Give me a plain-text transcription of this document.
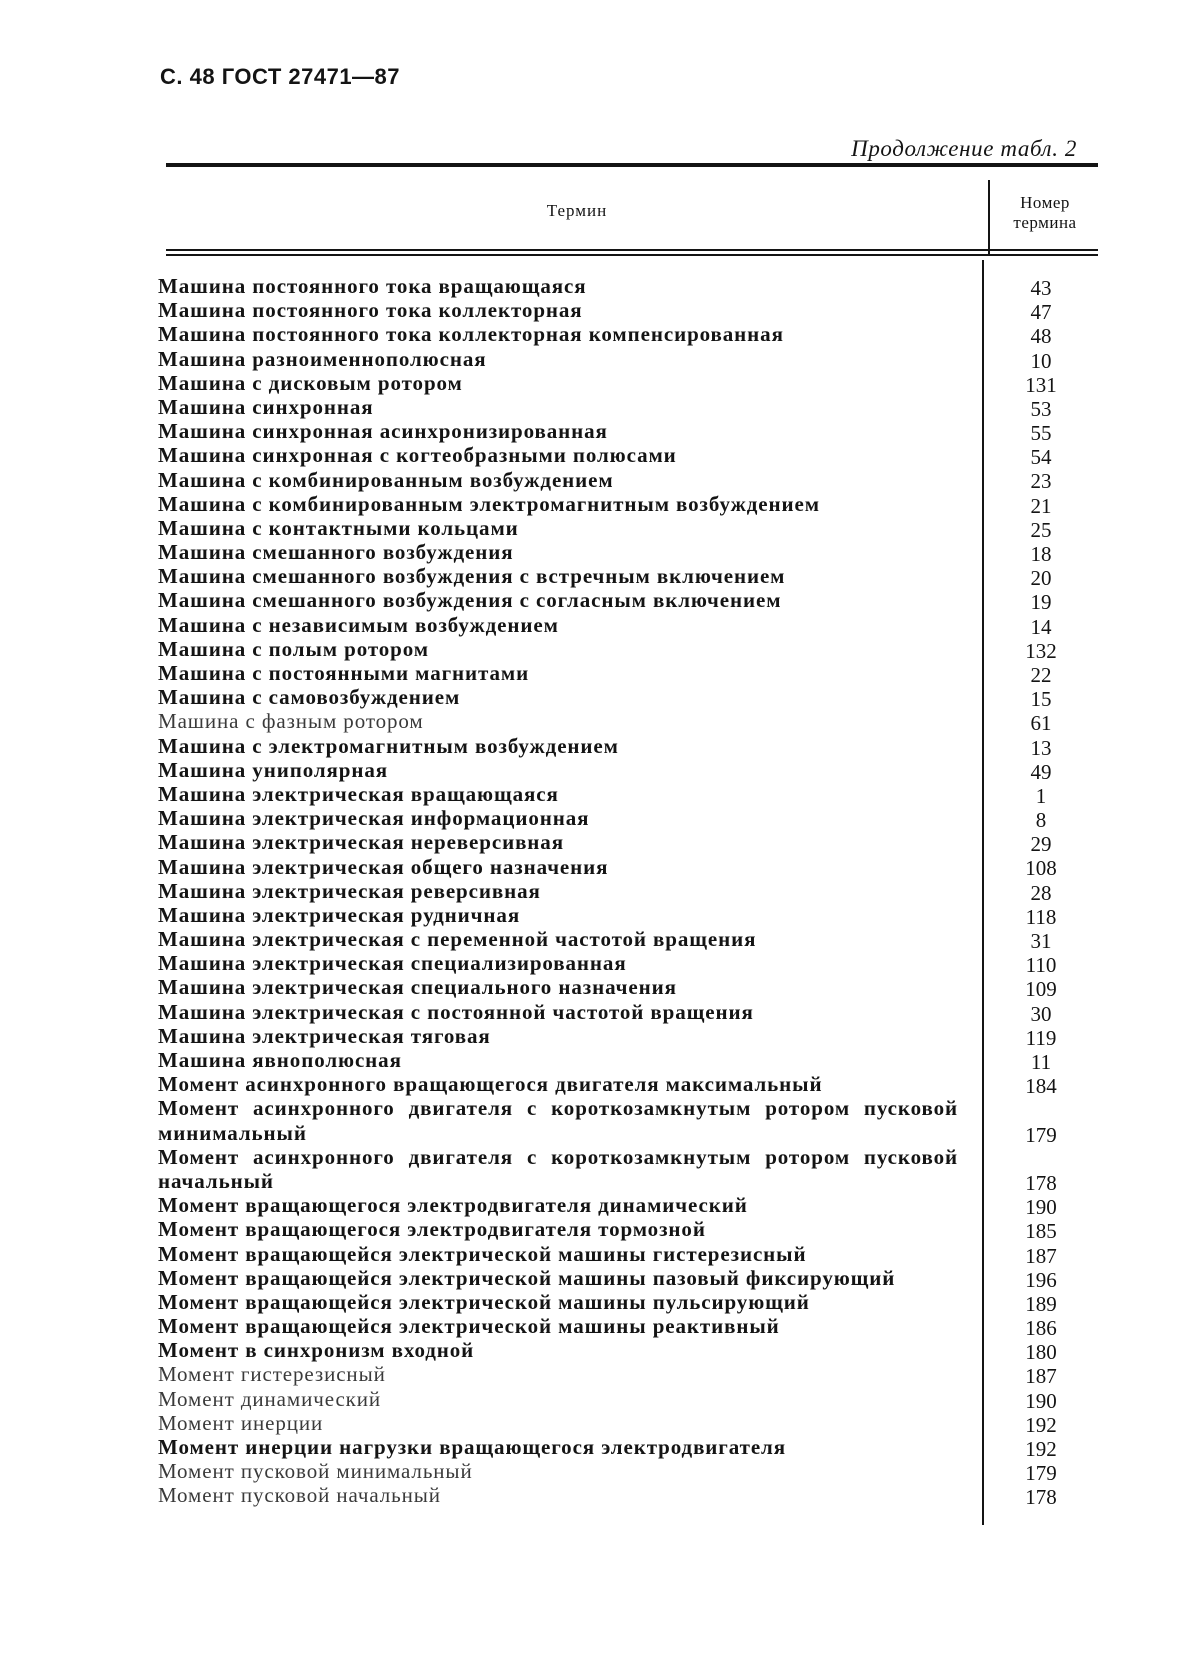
С. 48 ГОСТ 27471—87
Продолжение табл. 2
Термин	Номер термина
Машина постоянного тока вращающаяся	43
Машина постоянного тока коллекторная	47
Машина постоянного тока коллекторная компенсированная	48
Машина разноименнополюсная	10
Машина с дисковым ротором	131
Машина синхронная	53
Машина синхронная асинхронизированная	55
Машина синхронная с когтеобразными полюсами	54
Машина с комбинированным возбуждением	23
Машина с комбинированным электромагнитным возбуждением	21
Машина с контактными кольцами	25
Машина смешанного возбуждения	18
Машина смешанного возбуждения с встречным включением	20
Машина смешанного возбуждения с согласным включением	19
Машина с независимым возбуждением	14
Машина с полым ротором	132
Машина с постоянными магнитами	22
Машина с самовозбуждением	15
Машина с фазным ротором	61
Машина с электромагнитным возбуждением	13
Машина униполярная	49
Машина электрическая вращающаяся	1
Машина электрическая информационная	8
Машина электрическая нереверсивная	29
Машина электрическая общего назначения	108
Машина электрическая реверсивная	28
Машина электрическая рудничная	118
Машина электрическая с переменной частотой вращения	31
Машина электрическая специализированная	110
Машина электрическая специального назначения	109
Машина электрическая с постоянной частотой вращения	30
Машина электрическая тяговая	119
Машина явнополюсная	11
Момент асинхронного вращающегося двигателя максимальный	184
Момент асинхронного двигателя с короткозамкнутым ротором пусковой минимальный	179
Момент асинхронного двигателя с короткозамкнутым ротором пусковой начальный	178
Момент вращающегося электродвигателя динамический	190
Момент вращающегося электродвигателя тормозной	185
Момент вращающейся электрической машины гистерезисный	187
Момент вращающейся электрической машины пазовый фиксирующий	196
Момент вращающейся электрической машины пульсирующий	189
Момент вращающейся электрической машины реактивный	186
Момент в синхронизм входной	180
Момент гистерезисный	187
Момент динамический	190
Момент инерции	192
Момент инерции нагрузки вращающегося электродвигателя	192
Момент пусковой минимальный	179
Момент пусковой начальный	178
